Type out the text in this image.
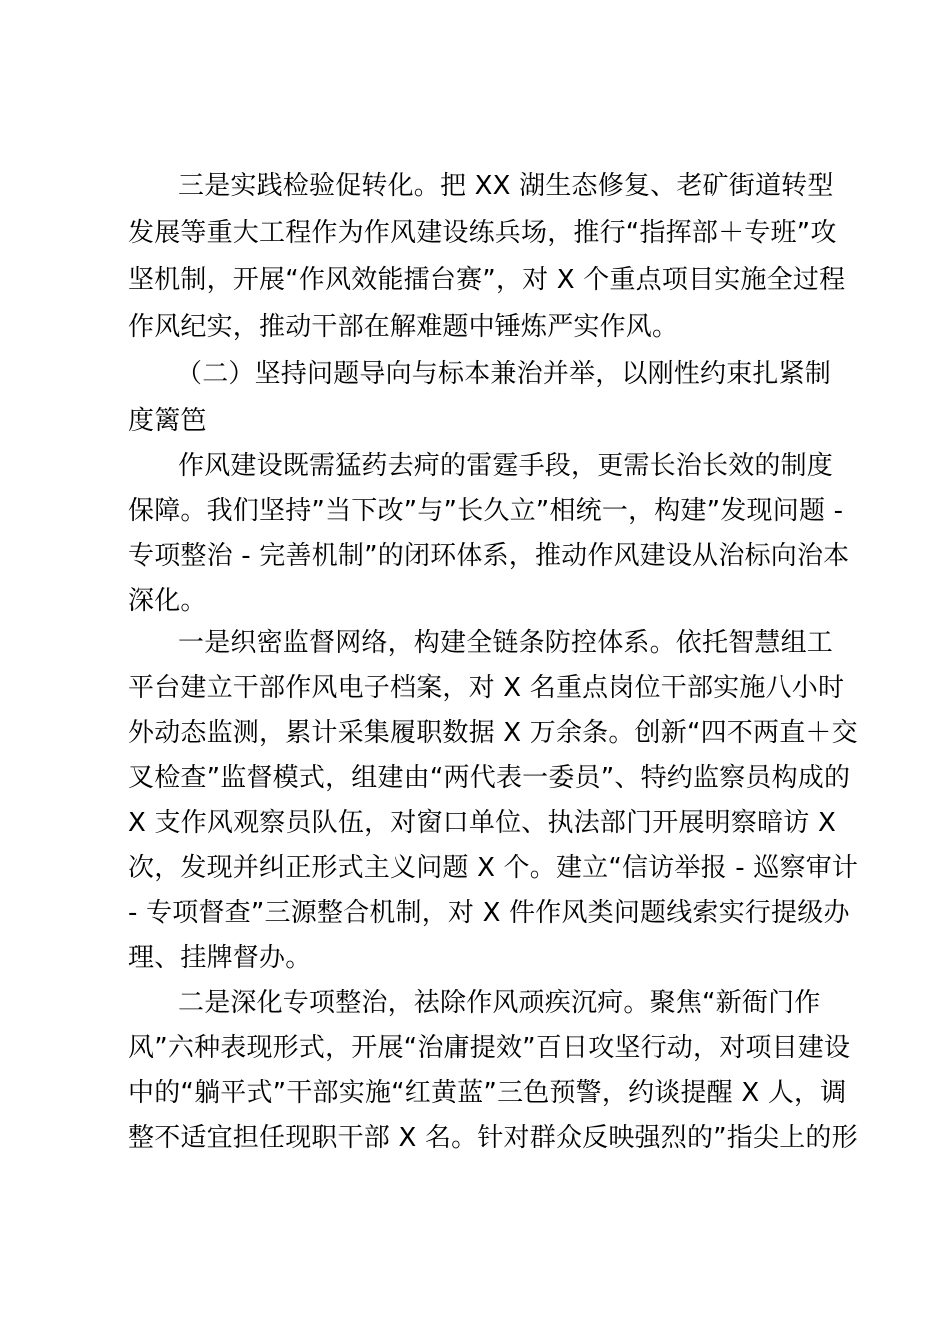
三是实践检验促转化。把 XX 湖生态修复、老矿街道转型
发展等重大工程作为作风建设练兵场，推行“指挥部＋专班”攻
坚机制，开展“作风效能擂台赛”，对 X 个重点项目实施全过程
作风纪实，推动干部在解难题中锤炼严实作风。
（二）坚持问题导向与标本兼治并举，以刚性约束扎紧制
度篱笆
作风建设既需猛药去疴的雷霆手段，更需长治长效的制度
保障。我们坚持”当下改”与”长久立”相统一，构建”发现问题 -
专项整治 - 完善机制”的闭环体系，推动作风建设从治标向治本
深化。
一是织密监督网络，构建全链条防控体系。依托智慧组工
平台建立干部作风电子档案，对 X 名重点岗位干部实施八小时
外动态监测，累计采集履职数据 X 万余条。创新“四不两直＋交
叉检查”监督模式，组建由“两代表一委员”、特约监察员构成的
X 支作风观察员队伍，对窗口单位、执法部门开展明察暗访 X
次，发现并纠正形式主义问题 X 个。建立“信访举报 - 巡察审计
- 专项督查”三源整合机制，对 X 件作风类问题线索实行提级办
理、挂牌督办。
二是深化专项整治，祛除作风顽疾沉疴。聚焦“新衙门作
风”六种表现形式，开展“治庸提效”百日攻坚行动，对项目建设
中的“躺平式”干部实施“红黄蓝”三色预警，约谈提醒 X 人，调
整不适宜担任现职干部 X 名。针对群众反映强烈的”指尖上的形
